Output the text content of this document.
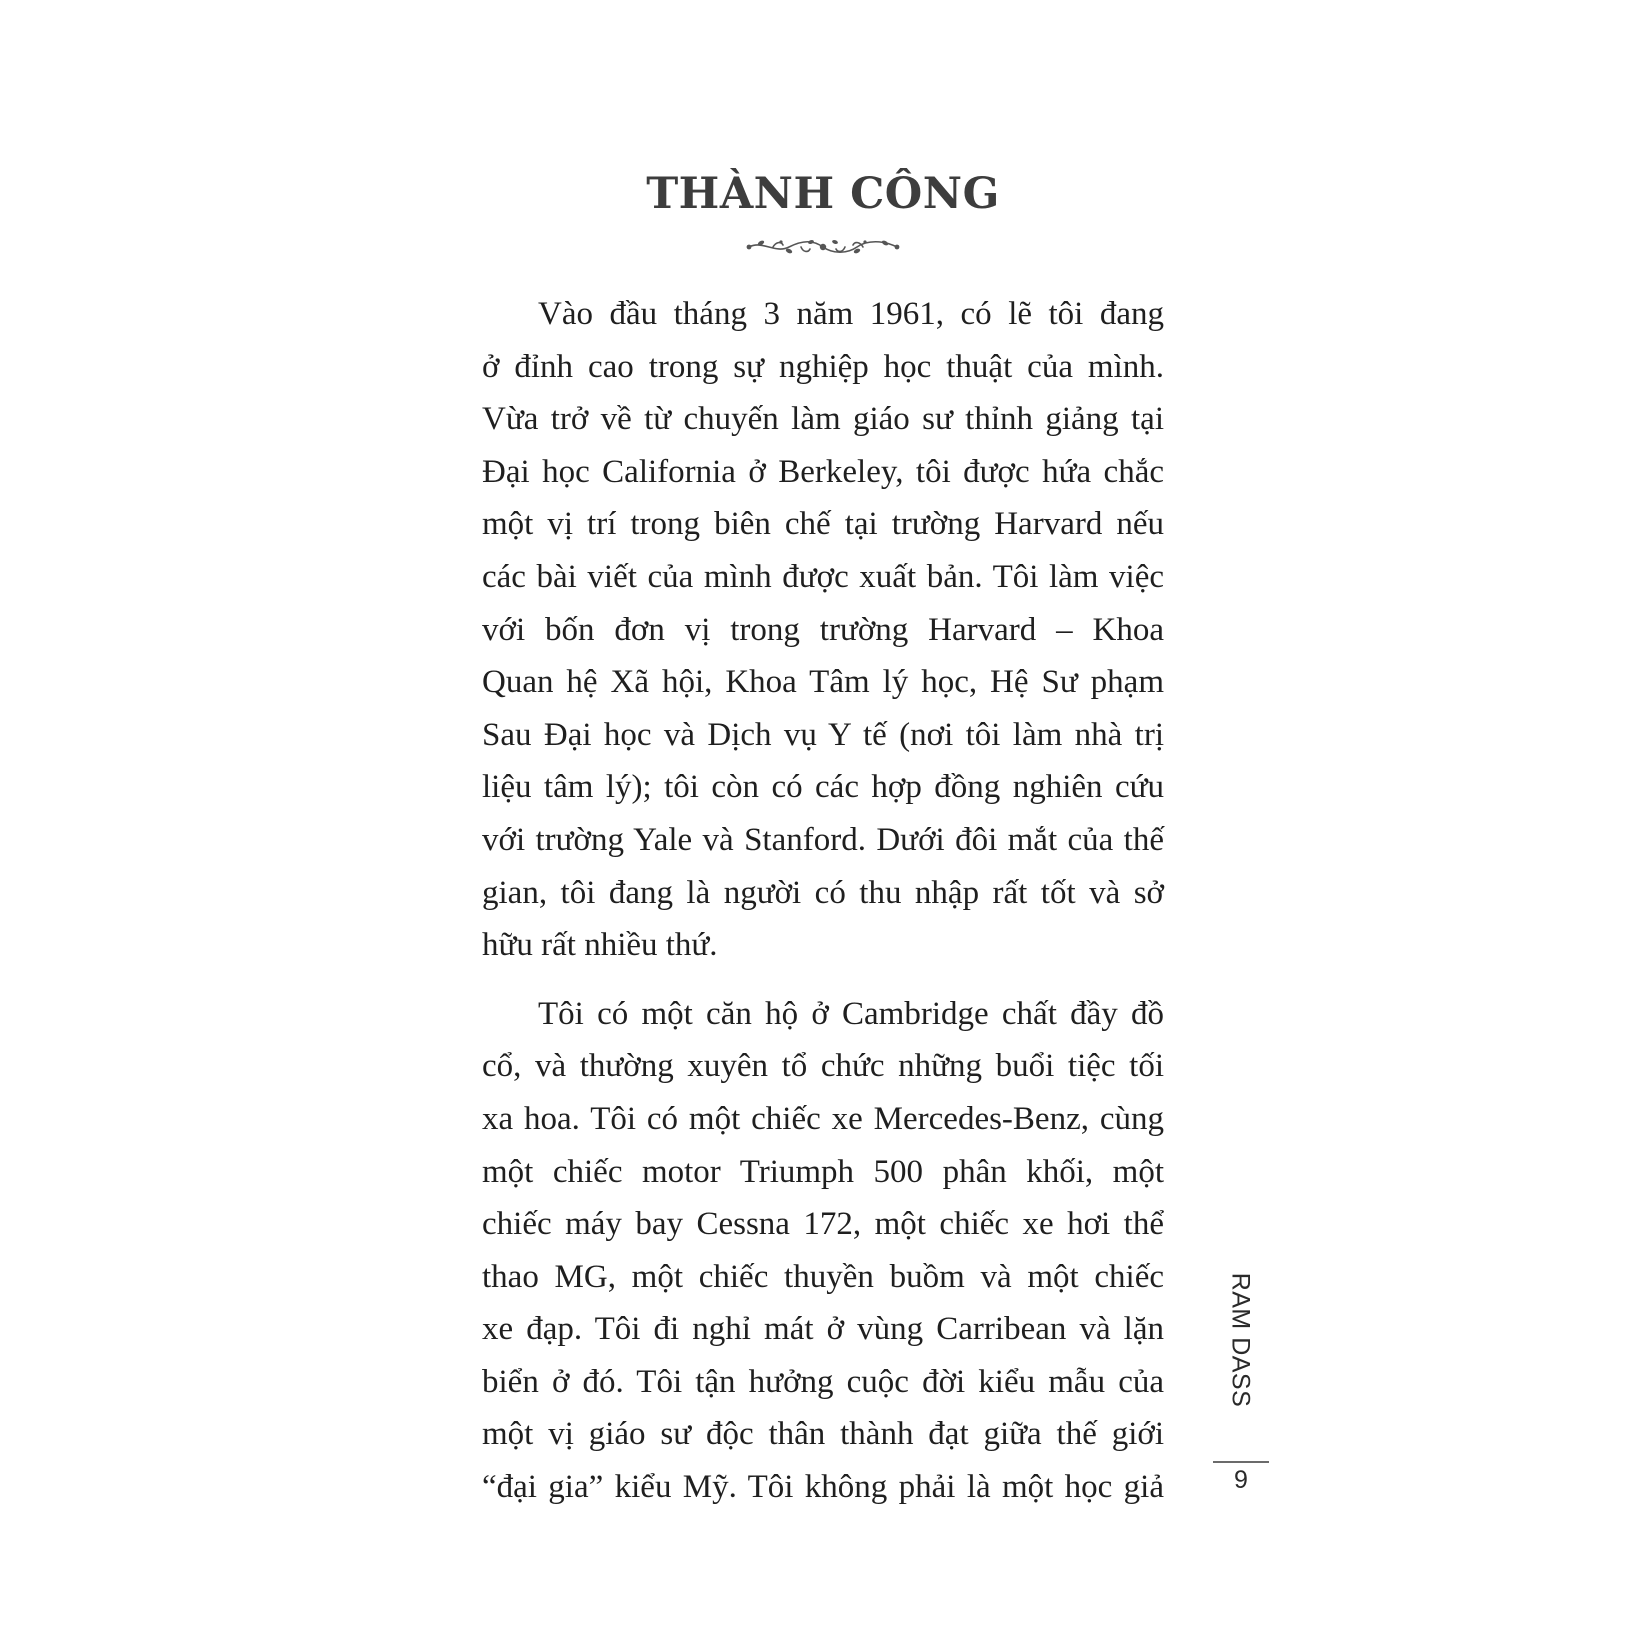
THÀNH CÔNG

Vào đầu tháng 3 năm 1961, có lẽ tôi đang
ở đỉnh cao trong sự nghiệp học thuật của mình.
Vừa trở về từ chuyến làm giáo sư thỉnh giảng tại
Đại học California ở Berkeley, tôi được hứa chắc
một vị trí trong biên chế tại trường Harvard nếu
các bài viết của mình được xuất bản. Tôi làm việc
với bốn đơn vị trong trường Harvard – Khoa
Quan hệ Xã hội, Khoa Tâm lý học, Hệ Sư phạm
Sau Đại học và Dịch vụ Y tế (nơi tôi làm nhà trị
liệu tâm lý); tôi còn có các hợp đồng nghiên cứu
với trường Yale và Stanford. Dưới đôi mắt của thế
gian, tôi đang là người có thu nhập rất tốt và sở
hữu rất nhiều thứ.

Tôi có một căn hộ ở Cambridge chất đầy đồ
cổ, và thường xuyên tổ chức những buổi tiệc tối
xa hoa. Tôi có một chiếc xe Mercedes-Benz, cùng
một chiếc motor Triumph 500 phân khối, một
chiếc máy bay Cessna 172, một chiếc xe hơi thể
thao MG, một chiếc thuyền buồm và một chiếc
xe đạp. Tôi đi nghỉ mát ở vùng Carribean và lặn
biển ở đó. Tôi tận hưởng cuộc đời kiểu mẫu của
một vị giáo sư độc thân thành đạt giữa thế giới
“đại gia” kiểu Mỹ. Tôi không phải là một học giả

RAM DASS
9
